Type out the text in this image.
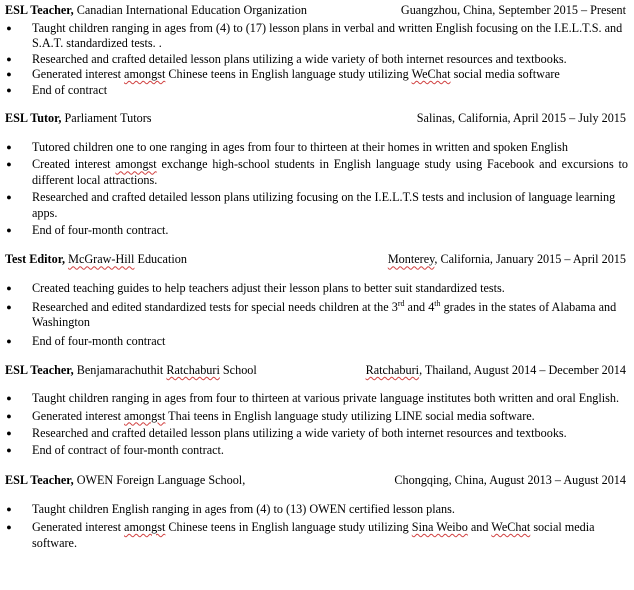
ESL Teacher, Canadian International Education Organization	Guangzhou, China, September 2015 – Present
● Taught children ranging in ages from (4) to (17) lesson plans in verbal and written English focusing on the I.E.L.T.S. and S.A.T. standardized tests. .
● Researched and crafted detailed lesson plans utilizing a wide variety of both internet resources and textbooks.
● Generated interest amongst Chinese teens in English language study utilizing WeChat social media software
● End of contract
ESL Tutor, Parliament Tutors	Salinas, California, April 2015 – July 2015
● Tutored children one to one ranging in ages from four to thirteen at their homes in written and spoken English
● Created interest amongst exchange high-school students in English language study using Facebook and excursions to different local attractions.
● Researched and crafted detailed lesson plans utilizing focusing on the I.E.L.T.S tests and inclusion of language learning apps.
● End of four-month contract.
Test Editor, McGraw-Hill Education	Monterey, California, January 2015 – April 2015
● Created teaching guides to help teachers adjust their lesson plans to better suit standardized tests.
● Researched and edited standardized tests for special needs children at the 3rd and 4th grades in the states of Alabama and Washington
● End of four-month contract
ESL Teacher, Benjamarachuthit Ratchaburi School	Ratchaburi, Thailand, August 2014 – December 2014
● Taught children ranging in ages from four to thirteen at various private language institutes both written and oral English.
● Generated interest amongst Thai teens in English language study utilizing LINE social media software.
● Researched and crafted detailed lesson plans utilizing a wide variety of both internet resources and textbooks.
● End of contract of four-month contract.
ESL Teacher, OWEN Foreign Language School,	Chongqing, China, August 2013 – August 2014
● Taught children English ranging in ages from (4) to (13) OWEN certified lesson plans.
● Generated interest amongst Chinese teens in English language study utilizing Sina Weibo and WeChat social media software.
